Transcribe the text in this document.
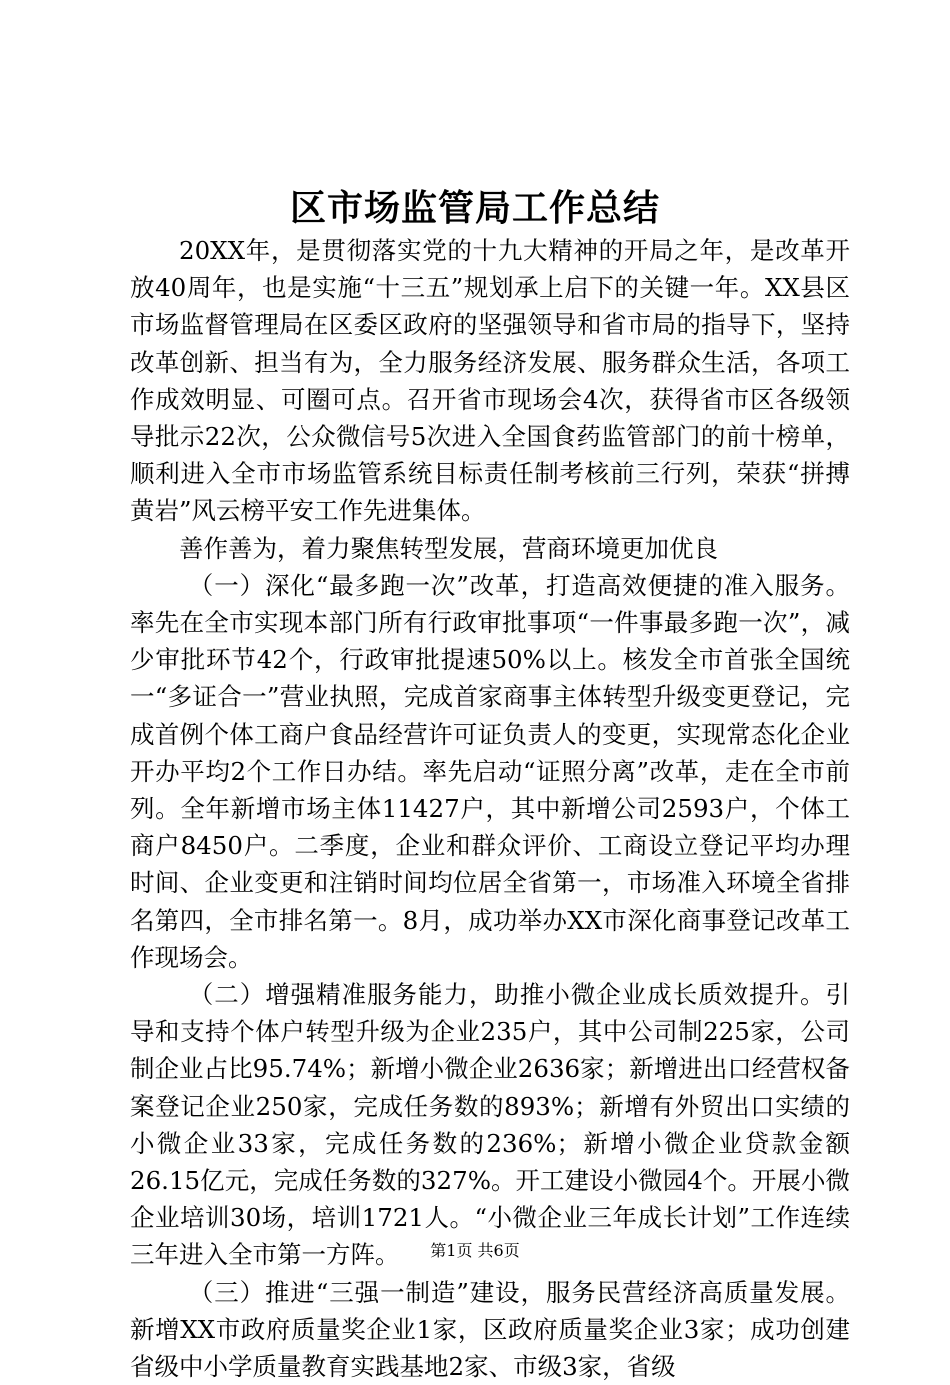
区市场监管局工作总结

20XX年，是贯彻落实党的十九大精神的开局之年，是改革开放40周年，也是实施“十三五”规划承上启下的关键一年。XX县区市场监督管理局在区委区政府的坚强领导和省市局的指导下，坚持改革创新、担当有为，全力服务经济发展、服务群众生活，各项工作成效明显、可圈可点。召开省市现场会4次，获得省市区各级领导批示22次，公众微信号5次进入全国食药监管部门的前十榜单，顺利进入全市市场监管系统目标责任制考核前三行列，荣获“拼搏黄岩”风云榜平安工作先进集体。

善作善为，着力聚焦转型发展，营商环境更加优良

（一）深化“最多跑一次”改革，打造高效便捷的准入服务。率先在全市实现本部门所有行政审批事项“一件事最多跑一次”，减少审批环节42个，行政审批提速50%以上。核发全市首张全国统一“多证合一”营业执照，完成首家商事主体转型升级变更登记，完成首例个体工商户食品经营许可证负责人的变更，实现常态化企业开办平均2个工作日办结。率先启动“证照分离”改革，走在全市前列。全年新增市场主体11427户，其中新增公司2593户，个体工商户8450户。二季度，企业和群众评价、工商设立登记平均办理时间、企业变更和注销时间均位居全省第一，市场准入环境全省排名第四，全市排名第一。8月，成功举办XX市深化商事登记改革工作现场会。

（二）增强精准服务能力，助推小微企业成长质效提升。引导和支持个体户转型升级为企业235户，其中公司制225家，公司制企业占比95.74%；新增小微企业2636家；新增进出口经营权备案登记企业250家，完成任务数的893%；新增有外贸出口实绩的小微企业33家，完成任务数的236%；新增小微企业贷款金额26.15亿元，完成任务数的327%。开工建设小微园4个。开展小微企业培训30场，培训1721人。“小微企业三年成长计划”工作连续三年进入全市第一方阵。

（三）推进“三强一制造”建设，服务民营经济高质量发展。新增XX市政府质量奖企业1家，区政府质量奖企业3家；成功创建省级中小学质量教育实践基地2家、市级3家，省级

第1页 共6页
